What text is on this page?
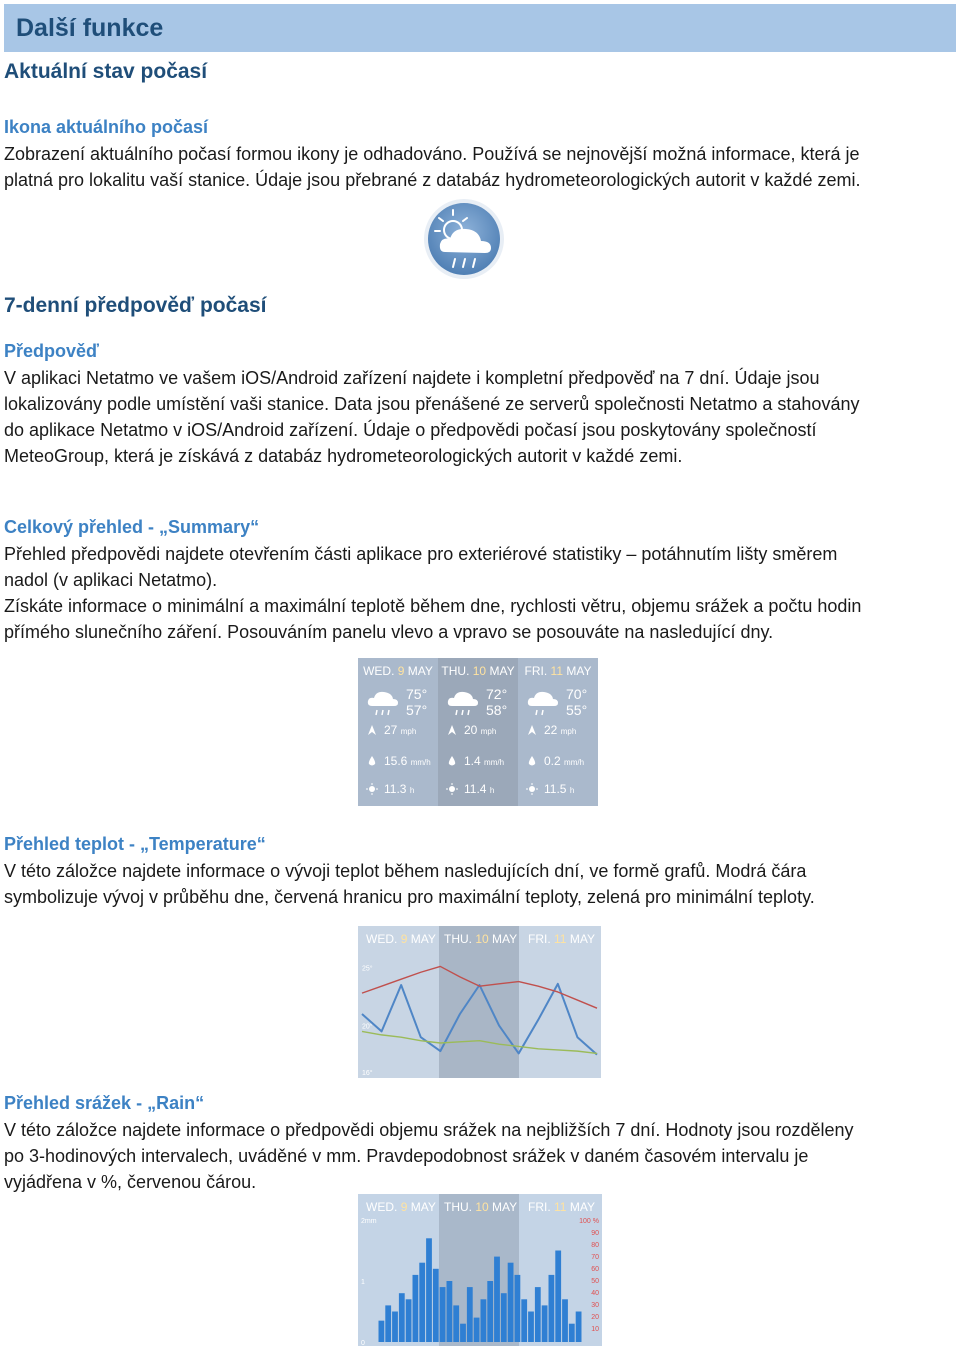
Další funkce
Aktuální stav počasí
Ikona aktuálního počasí
Zobrazení aktuálního počasí formou ikony je odhadováno. Používá se nejnovější možná informace, která je
platná pro lokalitu vaší stanice. Údaje jsou přebrané z databáz hydrometeorologických autorit v každé zemi.
7-denní předpověď počasí
Předpověď
V aplikaci Netatmo ve vašem iOS/Android zařízení najdete i kompletní předpověď na 7 dní. Údaje jsou
lokalizovány podle umístění vaši stanice. Data jsou přenášené ze serverů společnosti Netatmo a stahovány
do aplikace Netatmo v iOS/Android zařízení. Údaje o předpovědi počasí jsou poskytovány společností
MeteoGroup, která je získává z databáz hydrometeorologických autorit v každé zemi.
Celkový přehled - „Summary“
Přehled předpovědi najdete otevřením části aplikace pro exteriérové statistiky – potáhnutím lišty směrem
nadol (v aplikaci Netatmo).
Získáte informace o minimální a maximální teplotě během dne, rychlosti větru, objemu srážek a počtu hodin
přímého slunečního záření. Posouváním panelu vlevo a vpravo se posouváte na nasledující dny.
WED. 9 MAY
75°
57°
27 mph
15.6 mm/h
11.3 h
THU. 10 MAY
72°
58°
20 mph
1.4 mm/h
11.4 h
FRI. 11 MAY
70°
55°
22 mph
0.2 mm/h
11.5 h
Přehled teplot - „Temperature“
V této záložce najdete informace o vývoji teplot během nasledujících dní, ve formě grafů. Modrá čára
symbolizuje vývoj v průběhu dne, červená hranicu pro maximální teploty, zelená pro minimální teploty.
25°
20°
16°
WED. 9 MAY THU. 10 MAY FRI. 11 MAY
Přehled srážek - „Rain“
V této záložce najdete informace o předpovědi objemu srážek na nejbližších 7 dní. Hodnoty jsou rozděleny
po 3-hodinových intervalech, uváděné v mm. Pravdepodobnost srážek v daném časovém intervalu je
vyjádřena v %, červenou čárou.
2mm
1
0
100 %
90
80
70
60
50
40
30
20
10
WED. 9 MAY THU. 10 MAY FRI. 11 MAY
